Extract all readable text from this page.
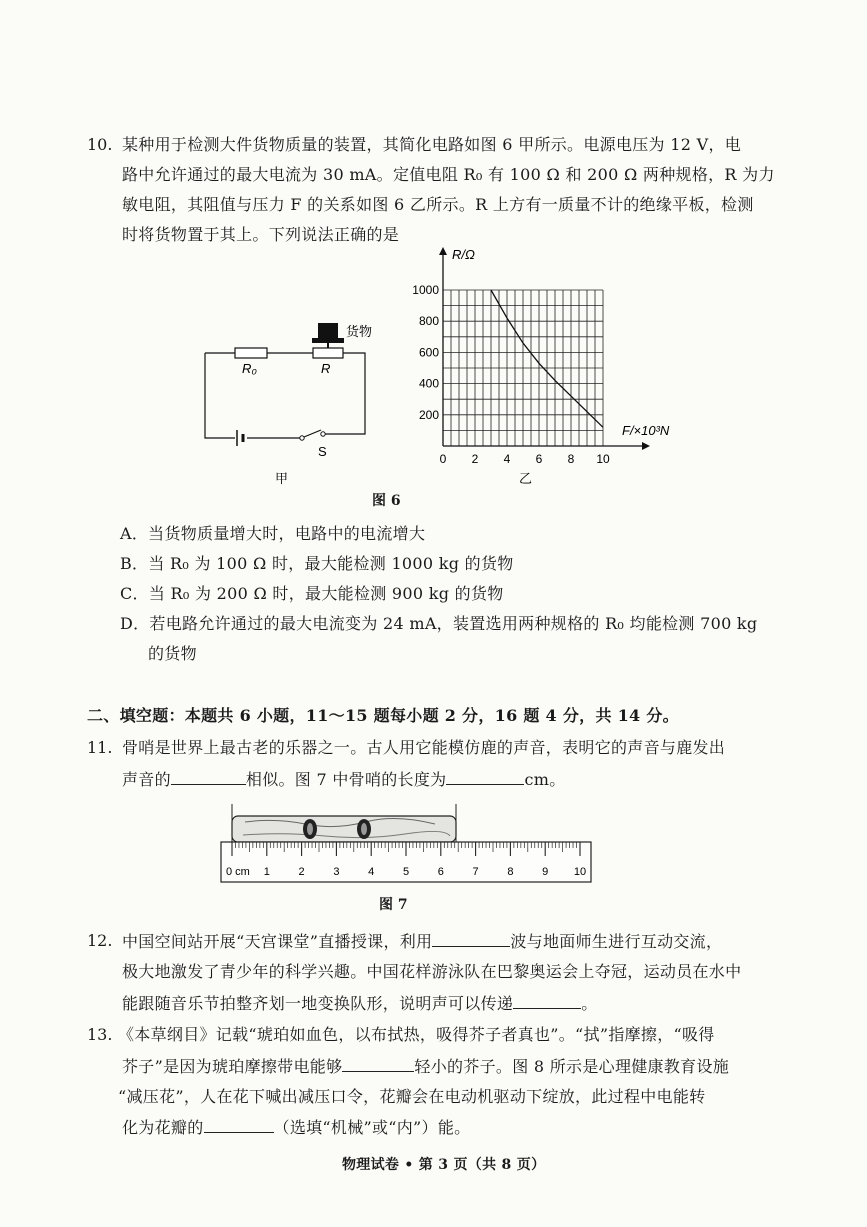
10. 某种用于检测大件货物质量的装置，其简化电路如图 6 甲所示。电源电压为 12 V，电
路中允许通过的最大电流为 30 mA。定值电阻 R₀ 有 100 Ω 和 200 Ω 两种规格，R 为力
敏电阻，其阻值与压力 F 的关系如图 6 乙所示。R 上方有一质量不计的绝缘平板，检测
时将货物置于其上。下列说法正确的是
货物
R₀	R
S
甲
R/Ω
F/×10³N
200
400
600
800
1000
0 2 4 6 8 10
乙
图 6
A．当货物质量增大时，电路中的电流增大
B．当 R₀ 为 100 Ω 时，最大能检测 1000 kg 的货物
C．当 R₀ 为 200 Ω 时，最大能检测 900 kg 的货物
D．若电路允许通过的最大电流变为 24 mA，装置选用两种规格的 R₀ 均能检测 700 kg
的货物
二、填空题：本题共 6 小题，11～15 题每小题 2 分，16 题 4 分，共 14 分。
11. 骨哨是世界上最古老的乐器之一。古人用它能模仿鹿的声音，表明它的声音与鹿发出
声音的	相似。图 7 中骨哨的长度为	cm。
1	2	3	4	5	6	7	8	9 10
0 cm
图 7
12. 中国空间站开展“天宫课堂”直播授课，利用	波与地面师生进行互动交流，
极大地激发了青少年的科学兴趣。中国花样游泳队在巴黎奥运会上夺冠，运动员在水中
能跟随音乐节拍整齐划一地变换队形，说明声可以传递	。
13. 《本草纲目》记载“琥珀如血色，以布拭热，吸得芥子者真也”。“拭”指摩擦，“吸得
芥子”是因为琥珀摩擦带电能够	轻小的芥子。图 8 所示是心理健康教育设施
“减压花”，人在花下喊出减压口令，花瓣会在电动机驱动下绽放，此过程中电能转
化为花瓣的	（选填“机械”或“内”）能。
物理试卷 • 第 3 页（共 8 页）
